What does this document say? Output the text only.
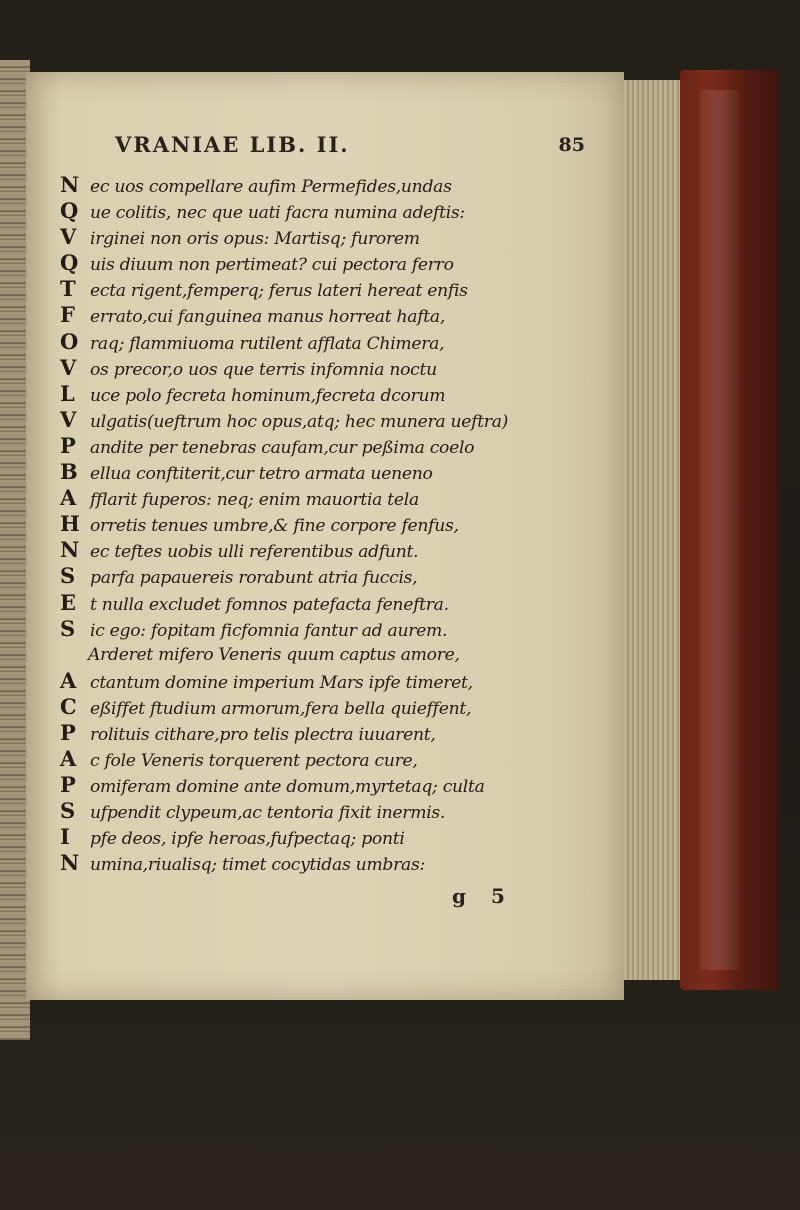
VRANIAE LIB. II.	85
N ec uos compellare aufim Permefides,undas
Q ue colitis, nec que uati facra numina adeftis:
V irginei non oris opus: Martisq; furorem
Q uis diuum non pertimeat? cui pectora ferro
T ecta rigent,femperq; ferus lateri hereat enfis
F errato,cui fanguinea manus horreat hafta,
O raq; flammiuoma rutilent afflata Chimera,
V os precor,o uos que terris infomnia noctu
L uce polo fecreta hominum,fecreta dcorum
V ulgatis(ueftrum hoc opus,atq; hec munera ueftra)
P andite per tenebras caufam,cur peßima coelo
B ellua conftiterit,cur tetro armata ueneno
A fflarit fuperos: neq; enim mauortia tela
H orretis tenues umbre,& fine corpore fenfus,
N ec teftes uobis ulli referentibus adfunt.
S parfa papauereis rorabunt atria fuccis,
E t nulla excludet fomnos patefacta feneftra.
S ic ego: fopitam ficfomnia fantur ad aurem.
Arderet mifero Veneris quum captus amore,
A ctantum domine imperium Mars ipfe timeret,
C eßiffet ftudium armorum,fera bella quieffent,
P rolituis cithare,pro telis plectra iuuarent,
A c fole Veneris torquerent pectora cure,
P omiferam domine ante domum,myrtetaq; culta
S ufpendit clypeum,ac tentoria fixit inermis.
I pfe deos, ipfe heroas,fufpectaq; ponti
N umina,riualisq; timet cocytidas umbras:
g 5
